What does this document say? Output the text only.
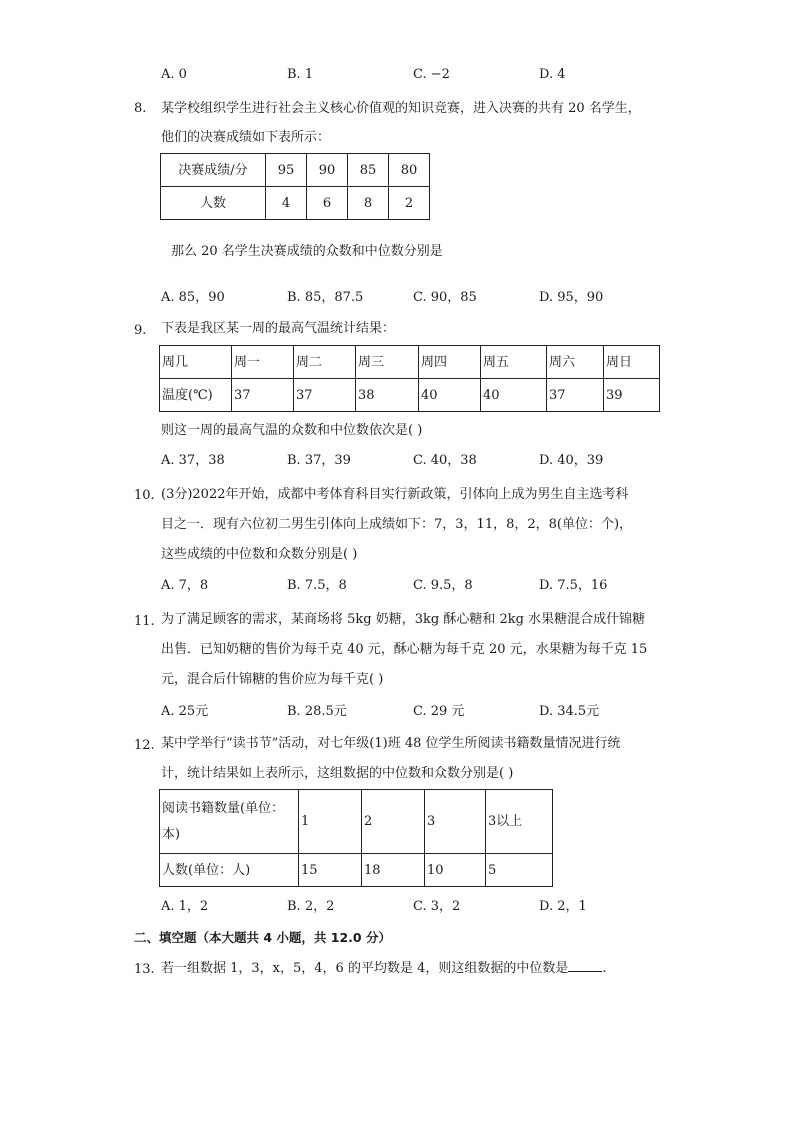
A. 0	B. 1	C. −2	D. 4
8. 某学校组织学生进行社会主义核心价值观的知识竞赛，进入决赛的共有 20 名学生，
他们的决赛成绩如下表所示：
决赛成绩/分	95	90	85	80
人数	4	6	8	2
那么 20 名学生决赛成绩的众数和中位数分别是
A. 85，90	B. 85，87.5	C. 90，85	D. 95，90
9. 下表是我区某一周的最高气温统计结果：
周几	周一	周二	周三	周四	周五	周六	周日
温度(℃)	37	37	38	40	40	37	39
则这一周的最高气温的众数和中位数依次是( )
A. 37，38	B. 37，39	C. 40，38	D. 40，39
10. (3分)2022年开始，成都中考体育科目实行新政策，引体向上成为男生自主选考科
目之一．现有六位初二男生引体向上成绩如下：7，3，11，8，2，8(单位：个)，
这些成绩的中位数和众数分别是( )
A. 7，8	B. 7.5，8	C. 9.5，8	D. 7.5，16
11. 为了满足顾客的需求，某商场将 5kg 奶糖，3kg 酥心糖和 2kg 水果糖混合成什锦糖
出售．已知奶糖的售价为每千克 40 元，酥心糖为每千克 20 元，水果糖为每千克 15
元，混合后什锦糖的售价应为每千克( )
A. 25元	B. 28.5元	C. 29 元	D. 34.5元
12. 某中学举行“读书节”活动，对七年级(1)班 48 位学生所阅读书籍数量情况进行统
计，统计结果如上表所示，这组数据的中位数和众数分别是( )
阅读书籍数量(单位：
本)	1	2	3	3以上
人数(单位：人)	15	18	10	5
A. 1，2	B. 2，2	C. 3，2	D. 2，1
二、填空题（本大题共 4 小题，共 12.0 分）
13. 若一组数据 1，3，x，5，4，6 的平均数是 4，则这组数据的中位数是	.
